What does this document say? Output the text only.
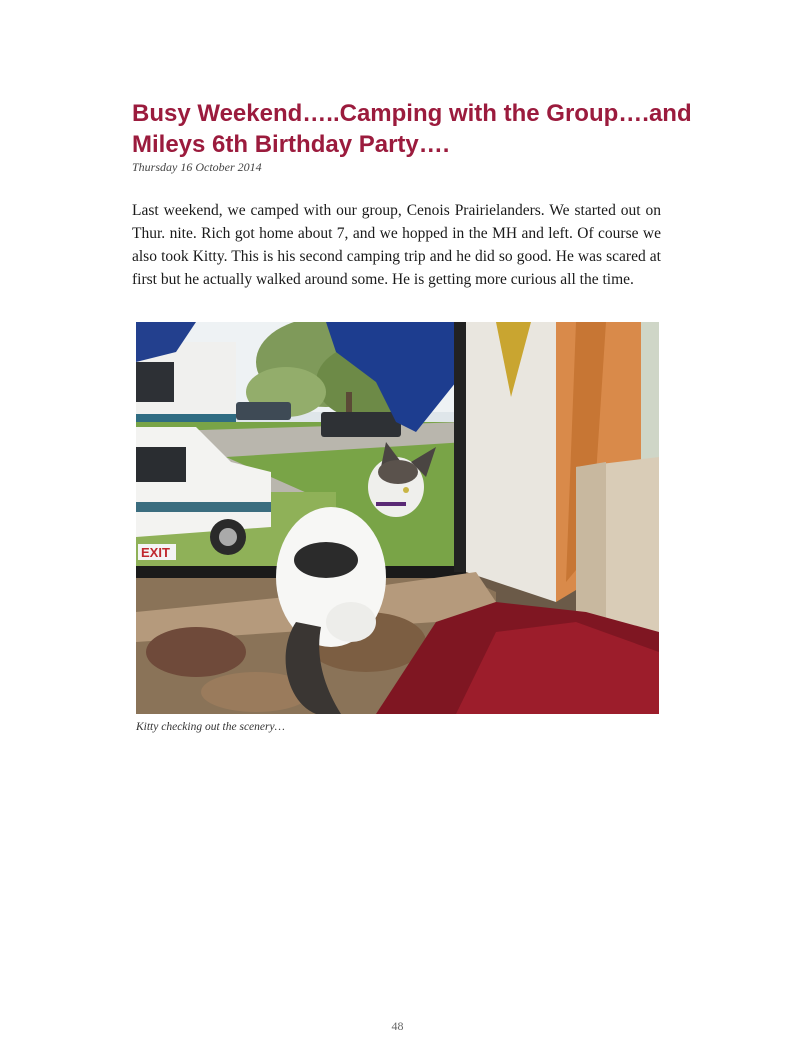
Busy Weekend…..Camping with the Group….and Mileys 6th Birthday Party….
Thursday 16 October 2014

Last weekend, we camped with our group, Cenois Prairielanders. We started out on Thur. nite. Rich got home about 7, and we hopped in the MH and left. Of course we also took Kitty. This is his second camping trip and he did so good. He was scared at first but he actually walked around some. He is getting more curious all the time.

EXIT
Kitty checking out the scenery…
48
